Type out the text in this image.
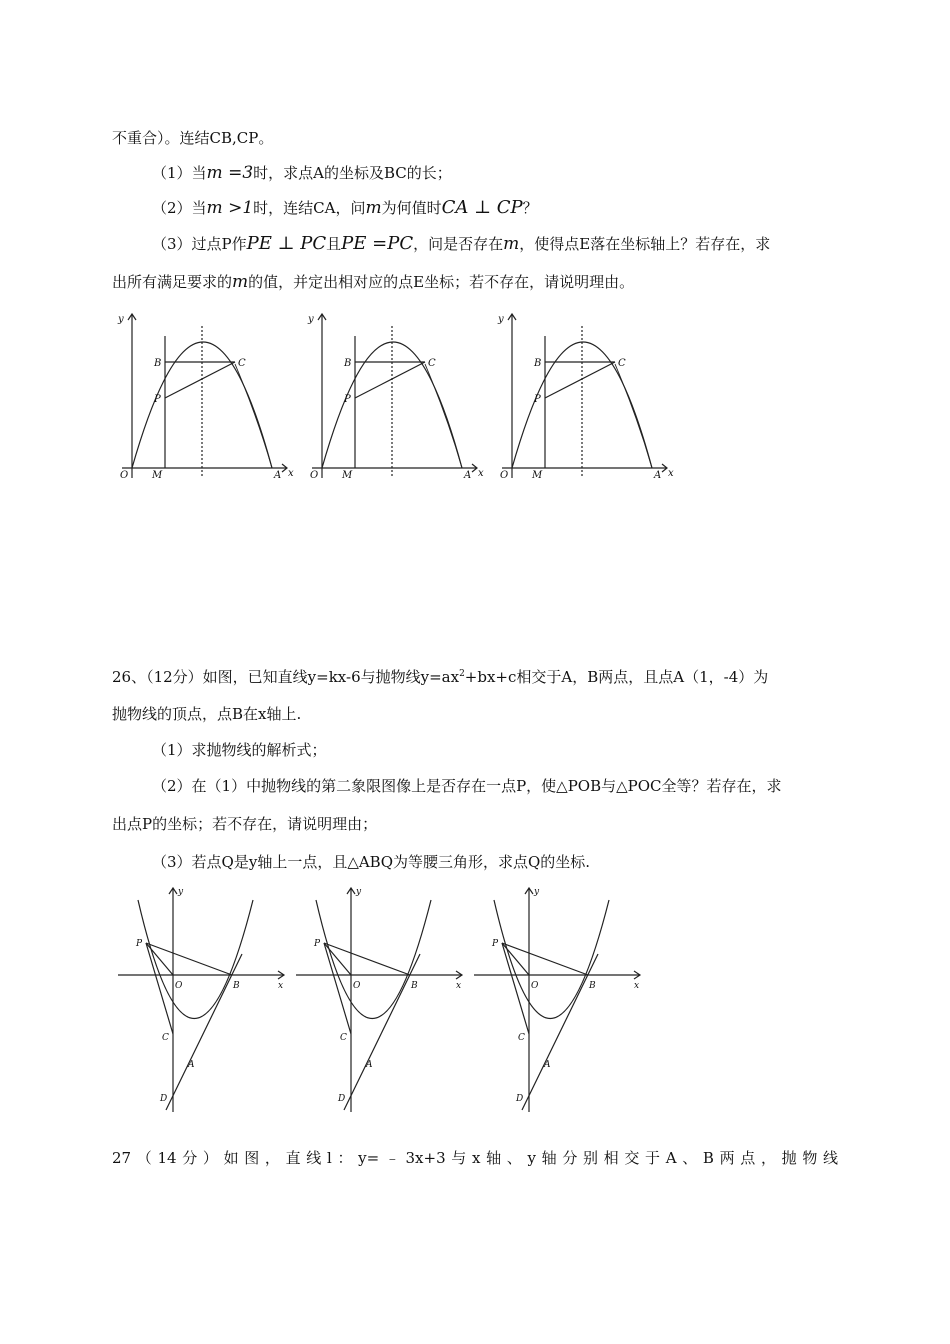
不重合）。连结CB,CP。
（1）当m =3时，求点A的坐标及BC的长；
（2）当m >1时，连结CA，问m为何值时CA ⊥ CP？
（3）过点P作PE ⊥ PC且PE =PC，问是否存在m，使得点E落在坐标轴上？若存在，求
出所有满足要求的m的值，并定出相对应的点E坐标；若不存在，请说明理由。
y
x
O M	A
B	C
P
y
x
O M	A
B	C
P
y
x
O M	A
B	C
P
26、（12分）如图，已知直线y=kx-6与抛物线$y=ax^2+bx+c$相交于A，B两点，且点A（1，-4）为
抛物线的顶点，点B在x轴上.
（1）求抛物线的解析式；
（2）在（1）中抛物线的第二象限图像上是否存在一点P，使△POB与△POC全等？若存在，求
出点P的坐标；若不存在，请说明理由；
（3）若点Q是y轴上一点，且△ABQ为等腰三角形，求点Q的坐标.
y
x
O	B
P
C
A
D
y
x
O	B
P
C
A
D
y
x
O	B
P
C
A
D
27（14分）如图，直线l：y=﹣3x+3与x轴、y轴分别相交于A、B两点，抛物线
